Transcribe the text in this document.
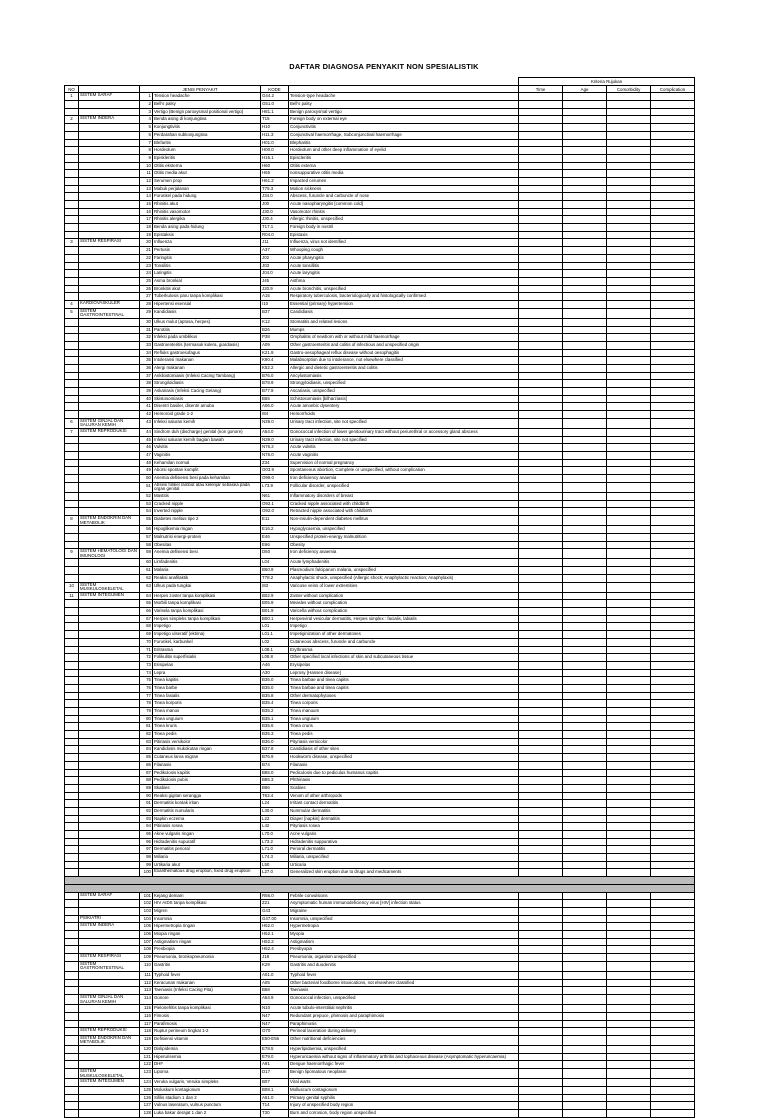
DAFTAR DIAGNOSA PENYAKIT NON SPESIALISTIK
						Kriteria Rujukan			
NO		JENIS PENYAKIT		KODE		Time	Age	Comorbidity	Complication
1	SISTEM SARAF	1	Tension headache	G44.2	Tension-type headache				
		2	Bell's palsy	G51.0	Bell's palsy				
		3	Vertigo (Benign paroxysmal positional vertigo)	H81.1	Benign paroxysmal vertigo				
2	SISTEM INDERA	4	Benda asing di konjungtiva	T15	Foreign body on external eye				
		5	Konjungtivitis	H10	Conjunctivitis				
		6	Perdarahan subkonjungtiva	H11.3	Conjunctival haemorrhage, Subconjunctival haemorrhage				
		7	Blefaritis	H01.0	Blepharitis				
		8	Hordeolum	H00.0	Hordeolum and other deep inflammation of eyelid				
		9	Episkleritis	H15.1	Episcleritis				
		10	Otitis eksterna	H60	Otitis externa				
		11	Otitis media akut	H65	nonsuppurative otitis media				
		12	Serumen prop	H61.2	Impacted cerumen				
		13	Mabuk perjalanan	T75.3	Motion sickness				
		14	Furunkel pada hidung	J34.0	Abscess, furuncle and carbuncle of nose				
		15	Rhinitis akut	J00	Acute nasopharyngitis [common cold]				
		16	Rhinitis vasomotor	J30.0	Vasomotor rhinitis				
		17	Rhinitis alergika	J30.4	Allergic rhinitis, unspecified				
		18	Benda asing pada hidung	T17.1	Foreign body in nostril				
		19	Epistaksis	R04.0	Epistaxis				
3	SISTEM RESPIRASI	20	Influenza	J11	Influenza, virus not identified				
		21	Pertusis	A37	Whooping cough				
		22	Faringitis	J02	Acute pharyngitis				
		23	Tonsilitis	J03	Acute tonsillitis				
		24	Laringitis	J04.0	Acute laryngitis				
		25	Asma bronkial	J45	Asthma				
		26	Bronkitis akut	J20.9	Acute bronchitis, unspecified				
		27	Tuberkulosis paru tanpa komplikasi	A15	Respiratory tuberculosis, bacteriologically and histologically confirmed				
4	KARDIOVASKULER	28	Hipertensi esensial	I10	Essential (primary) hypertension				
5	SISTEM GASTROINTESTINAL	29	Kandidiasis	B37	Candidiasis				
		30	Ulkus mulut (aptosa, herpes)	K12	Stomatitis and related lesions				
		31	Parotitis	B26	Mumps				
		32	Infeksi pada umbilikus	P38	Omphalitis of newborn with or without mild haemorrhage				
		33	Gastroenteritis (termasuk kolera, giardiasis)	A09	Other gastroenteritis and colitis of infectious and unspecified origin				
		34	Refluks gastroesofagus	K21.9	Gastro-oesophageal reflux disease without oesophagitis				
		35	Intoleransi makanan	K90.4	Malabsorption due to intolerance, not elsewhere classified				
		36	Alergi makanan	K52.2	Allergic and dietetic gastroenteritis and colitis				
		37	Ankilostomiasis (Infeksi Cacing Tambang)	B76.0	Ancylostomiasis				
		38	Strongiloidiasis	B78.9	Strongyloidiasis, unspecified				
		39	Askariasis (Infeksi Cacing Gelang)	B77.9	Ascariasis, unspecified				
		40	Skistosomiasis	B65	Schistosomiasis [bilharziasis]				
		41	Disentri basiler, disentri amuba	A06.0	Acute amoebic dysentery				
		42	Hemoroid grade 1-2	I84	Hemorrhoids				
6	SISTEM GINJAL DAN SALURAN KEMIH	43	Infeksi saluran kemih	N39.0	Urinary tract infection, site not specified				
7	SISTEM REPRODUKSI	44	Sindrom duh (discharge) genital (non gonore)	A54.0	Gonococcal infection of lower genitourinary tract without periurethral or accessory gland abscess				
		45	Infeksi saluran kemih bagian bawah	N39.0	Urinary tract infection, site not specified				
		46	Vulvitis	N76.2	Acute vulvitis				
		47	Vaginitis	N76.0	Acute vaginitis				
		48	Kehamilan normal	Z34	Supervision of normal pregnancy				
		49	Aborsi spontan komplit	O03.9	Spontaneous abortion, Complete or unspecified, without complication				
		50	Anemia defisiensi besi pada kehamilan	O99.0	Iron deficiency anaemia				
		51	Absesi folikel rambut atau kelenjar sebasea pada organ genital	L73.9	Follicular disorder, unspecified				
		52	Mastitis	N61	Inflammatory disorders of breast				
		53	Cracked nipple	O92.1	Cracked nipple associated with childbirth				
		54	Inverted nipple	O92.0	Retracted nipple associated with childbirth				
8	SISTEM ENDOKRIN DAN METABOLIK	55	Diabetes melitus tipe 2	E11	Non-insulin-dependent diabetes mellitus				
		56	Hipoglikemia ringan	E16.2	Hypoglycaemia, unspecified				
		57	Malnutrisi energi-protein	E46	Unspecified protein-energy malnutrition				
		58	Obesitas	E66	Obesity				
9	SISTEM HEMATOLOGI DAN IMUNOLOGI	59	Anemia defisiensi besi	D50	Iron deficiency anaemia				
		60	Limfadenitis	L04	Acute lymphadenitis				
		61	Malaria	B50.9	Plasmodium falciparum malaria, unspecified				
		62	Reaksi anafilaktik	T78.2	Anaphylactic shock, unspecified (Allergic shock; Anaphylactic reaction; Anaphylaxis)				
10	SISTEM MUSKULOSKELETAL	63	Ulkus pada tungkai	I83	Varicose veins of lower extremities				
11	SISTEM INTEGUMEN	64	Herpes zoster tanpa komplikasi	B02.9	Zoster without complication				
		65	Morbili tanpa komplikasi	B05.9	Measles without complication				
		66	Varisela tanpa komplikasi	B01.9	Varicella without complication				
		67	Herpes simpleks tanpa komplikasi	B00.1	Herpesviral vesicular dermatitis, Herpes simplex : facialis, labialis				
		68	Impetigo	L01	Impetigo				
		69	Impetigo ulseratif (ektima)	L01.1	Impetiginization of other dermatoses				
		70	Furunkel, karbunkel	L02	Cutaneous abscess, furuncle and carbuncle				
		71	Eritrasma	L08.1	Erythrasma				
		72	Folikulitis superfisialis	L08.8	Other specified local infections of skin and subcutaneous tissue				
		73	Erisipelas	A46	Erysipelas				
		74	Lepra	A30	Leprosy [Hansen disease]				
		75	Tinea kapitis	B35.0	Tinea barbae and tinea capitis				
		76	Tinea barbe	B35.0	Tinea barbae and tinea capitis				
		77	Tinea fasialis	B35.8	Other dermatophytoses				
		78	Tinea korporis	B35.4	Tinea corporis				
		79	Tinea manus	B35.2	Tinea manuum				
		80	Tinea unguium	B35.1	Tinea unguium				
		81	Tinea kruris	B35.6	Tinea cruris				
		82	Tinea pedis	B35.3	Tinea pedis				
		83	Pitiriasis versikolor	B36.0	Pityriasis versicolor				
		84	Kandidosis mukokutan ringan	B37.8	Candidiasis of other sites				
		85	Cutaneus larva migran	B76.9	Hookworm disease, unspecified				
		86	Filariasis	B74	Filariasis				
		87	Pedikulosis kapitis	B85.0	Pediculosis due to pediculus humanus capitis				
		88	Pedikulosis pubis	B85.3	Phthiriasis				
		89	Skabies	B86	Scabies				
		90	Reaksi gigitan serangga	T63.4	Venom of other arthropods				
		91	Dermatitis kontak iritan	L24	Irritant contact dermatitis				
		92	Dermatitis numularis	L30.0	Nummular dermatitis				
		93	Napkin eczema	L22	Diaper [napkin] dermatitis				
		94	Pitiriasis rosea	L42	Pityriasis rosea				
		95	Akne vulgaris ringan	L70.0	Acne vulgaris				
		96	Hidradenitis supuratif	L73.2	Hidradenitis suppurativa				
		97	Dermatitis perioral	L71.0	Perioral dermatitis				
		98	Miliaria	L74.3	Miliaria, unspecified				
		99	Urtikaria akut	L50	Urticaria				
		100	Exanthematous drug eruption, fixed drug eruption	L27.0	Generalized skin eruption due to drugs and medicaments				

	SISTEM SARAF	101	Kejang demam	R56.0	Febrile convulsions				
		102	HIV AIDS tanpa komplikasi	Z21	Asymptomatic human immunodeficiency virus [HIV] infection status				
		103	Migren	G43	Migraine				
	PSIKIATRI	104	Insomnia	G47.00	Insomnia, unspecified				
	SISTEM INDERA	105	Hipermetropia ringan	H52.0	Hypermetropia				
		106	Miopia ringan	H52.1	Myopia				
		107	Astigmatism ringan	H52.2	Astigmatism				
		108	Presbiopia	H52.4	Presbyopia				
	SISTEM RESPIRASI	109	Pneumonia, bronkopneumonia	J18	Pneumonia, organism unspecified				
	SISTEM GASTROINTESTINAL	110	Gastritis	K29	Gastritis and duodenitis				
		111	Typhoid fever	A01.0	Typhoid fever				
		112	Keracunan makanan	A05	Other bacterial foodborne intoxications, not elsewhere classified				
		113	Taeniasis (Infeksi Cacing Pita)	B68	Taeniasis				
	SISTEM GINJAL DAN SALURAN KEMIH	114	Gonore	A54.9	Gonococcal infection, unspecified				
		115	Pielonefritis tanpa komplikasi	N10	Acute tubulo-interstitial nephritis				
		116	Fimosis	N47	Redundant prepuce, phimosis and paraphimosis				
		117	Parafimosis	N47	Paraphimosis				
	SISTEM REPRODUKSI	118	Ruptur perineum tingkat 1-2	O70	Perineal laceration during delivery				
	SISTEM ENDOKRIN DAN METABOLIK	119	Defisiensi vitamin	E50-E56	Other nutritional deficiencies				
		120	Dislipidemia	E78.5	Hyperlipidaemia, unspecified				
		121	Hiperurisemia	E79.0	Hyperuricaemia without signs of inflammatory arthritis and tophaceous disease (Asymptomatic hyperuricaemia)				
		122	DHF	A91	Dengue haemorrhagic fever				
	SISTEM MUSKULOSKELETAL	123	Lipoma	D17	Benign lipomatous neoplasm				
	SISTEM INTEGUMEN	124	Veruka vulgaris, Veruka simpleks	B07	Viral warts				
		125	Moluskum kontagiosum	B08.1	Molluscum contagiosum				
		126	Sifilis stadium 1 dan 2	A51.0	Primary genital syphilis				
		127	Vulnus laseratum, vulnus punctum	T14	Injury of unspecified body region				
		128	Luka bakar derajat 1 dan 2	T30	Burn and corrosion, body region unspecified				
